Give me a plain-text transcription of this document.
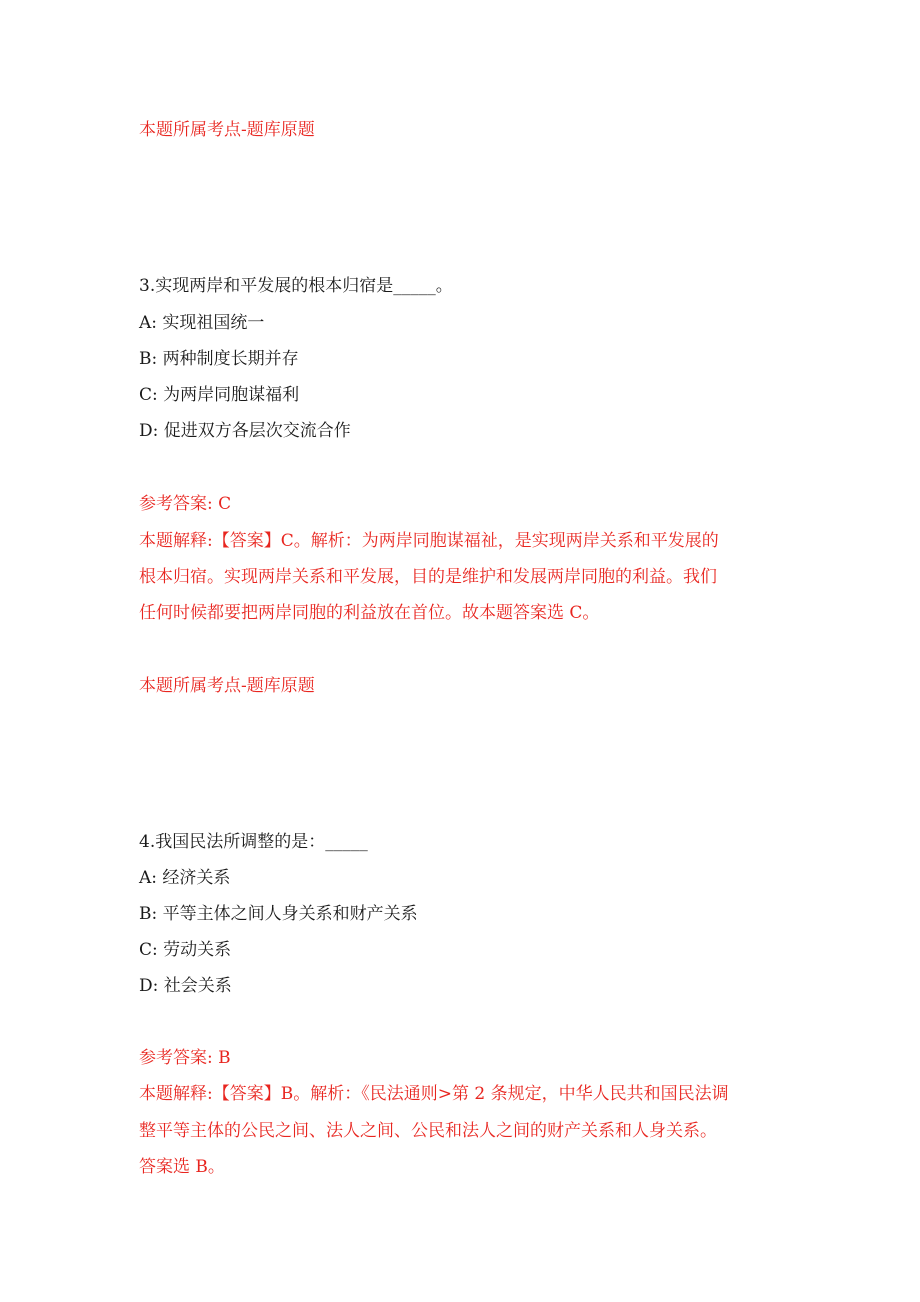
本题所属考点-题库原题
3.实现两岸和平发展的根本归宿是_____。
A: 实现祖国统一
B: 两种制度长期并存
C: 为两岸同胞谋福利
D: 促进双方各层次交流合作
参考答案: C
本题解释:【答案】C。解析：为两岸同胞谋福祉，是实现两岸关系和平发展的
根本归宿。实现两岸关系和平发展，目的是维护和发展两岸同胞的利益。我们
任何时候都要把两岸同胞的利益放在首位。故本题答案选 C。
本题所属考点-题库原题
4.我国民法所调整的是：_____
A: 经济关系
B: 平等主体之间人身关系和财产关系
C: 劳动关系
D: 社会关系
参考答案: B
本题解释:【答案】B。解析：《民法通则>第 2 条规定，中华人民共和国民法调
整平等主体的公民之间、法人之间、公民和法人之间的财产关系和人身关系。
答案选 B。
